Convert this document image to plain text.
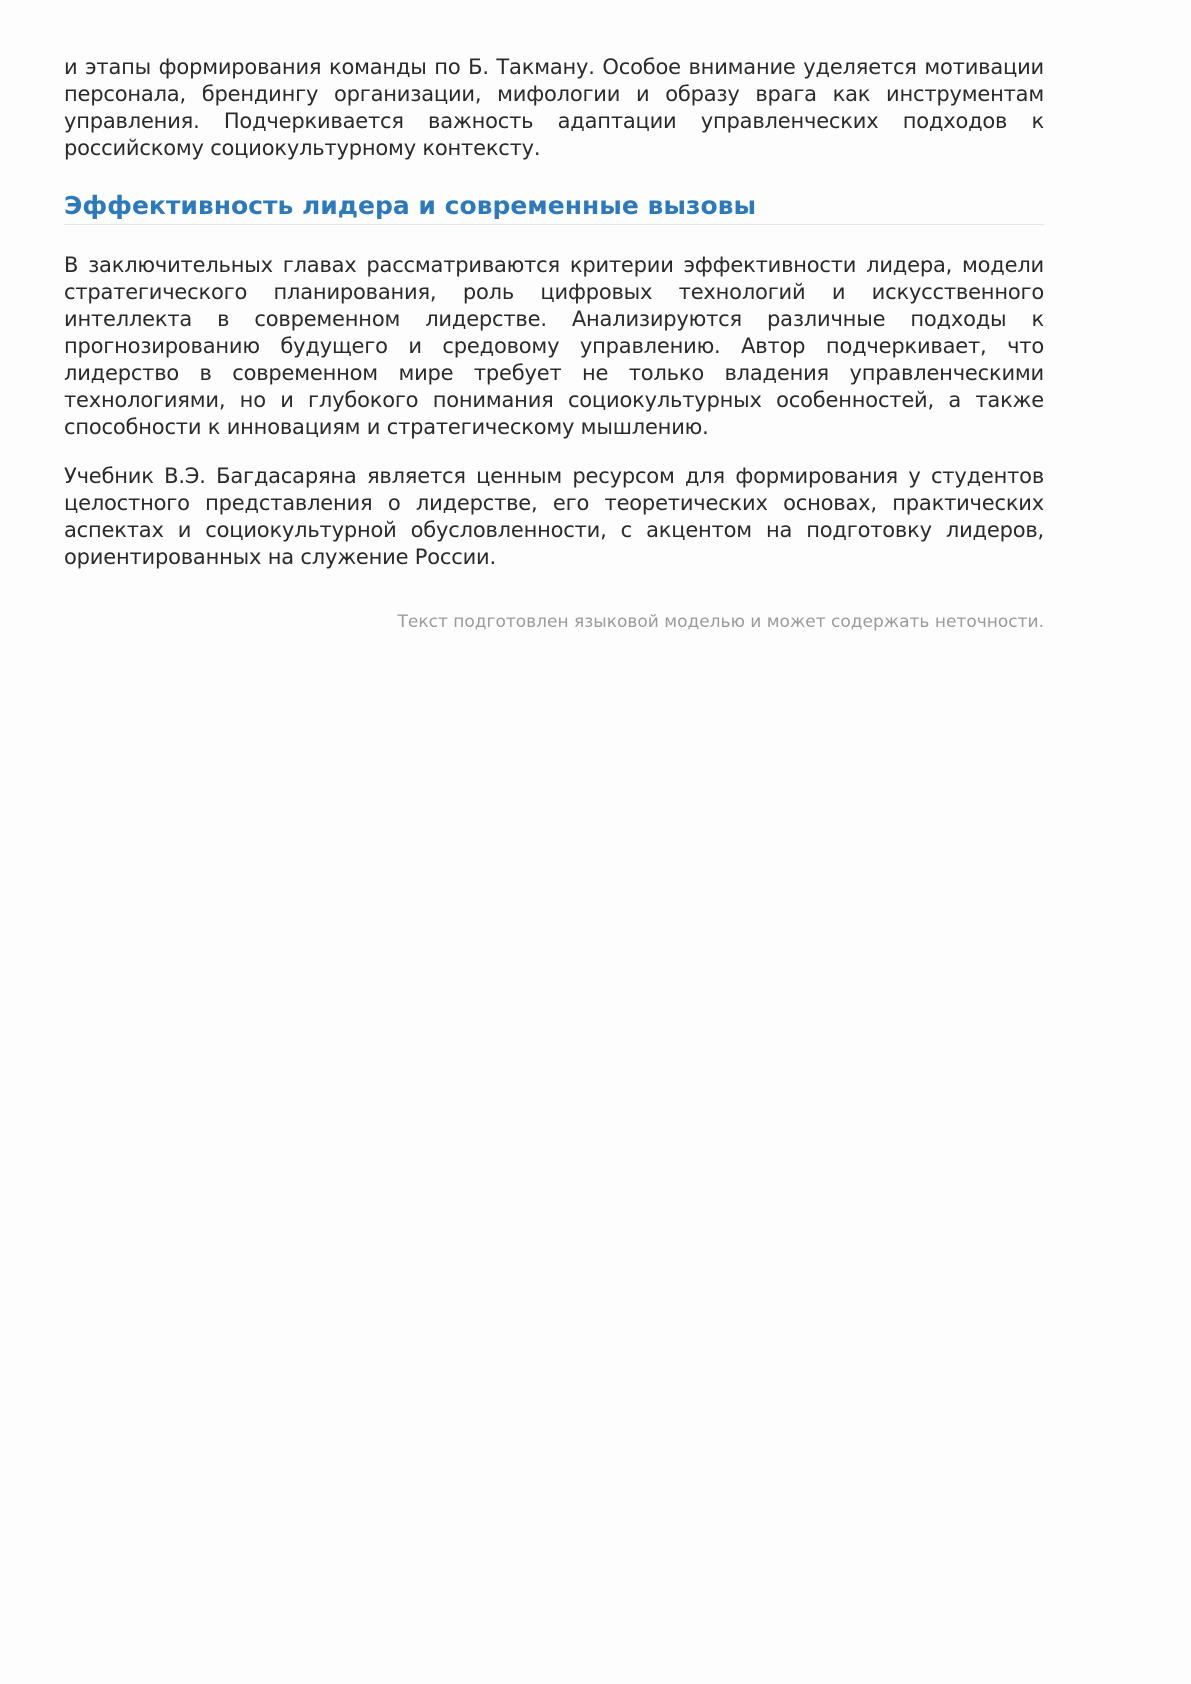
и этапы формирования команды по Б. Такману. Особое внимание уделяется мотивации персонала, брендингу организации, мифологии и образу врага как инструментам управления. Подчеркивается важность адаптации управленческих подходов к российскому социокультурному контексту.

Эффективность лидера и современные вызовы

В заключительных главах рассматриваются критерии эффективности лидера, модели стратегического планирования, роль цифровых технологий и искусственного интеллекта в современном лидерстве. Анализируются различные подходы к прогнозированию будущего и средовому управлению. Автор подчеркивает, что лидерство в современном мире требует не только владения управленческими технологиями, но и глубокого понимания социокультурных особенностей, а также способности к инновациям и стратегическому мышлению.

Учебник В.Э. Багдасаряна является ценным ресурсом для формирования у студентов целостного представления о лидерстве, его теоретических основах, практических аспектах и социокультурной обусловленности, с акцентом на подготовку лидеров, ориентированных на служение России.

Текст подготовлен языковой моделью и может содержать неточности.
